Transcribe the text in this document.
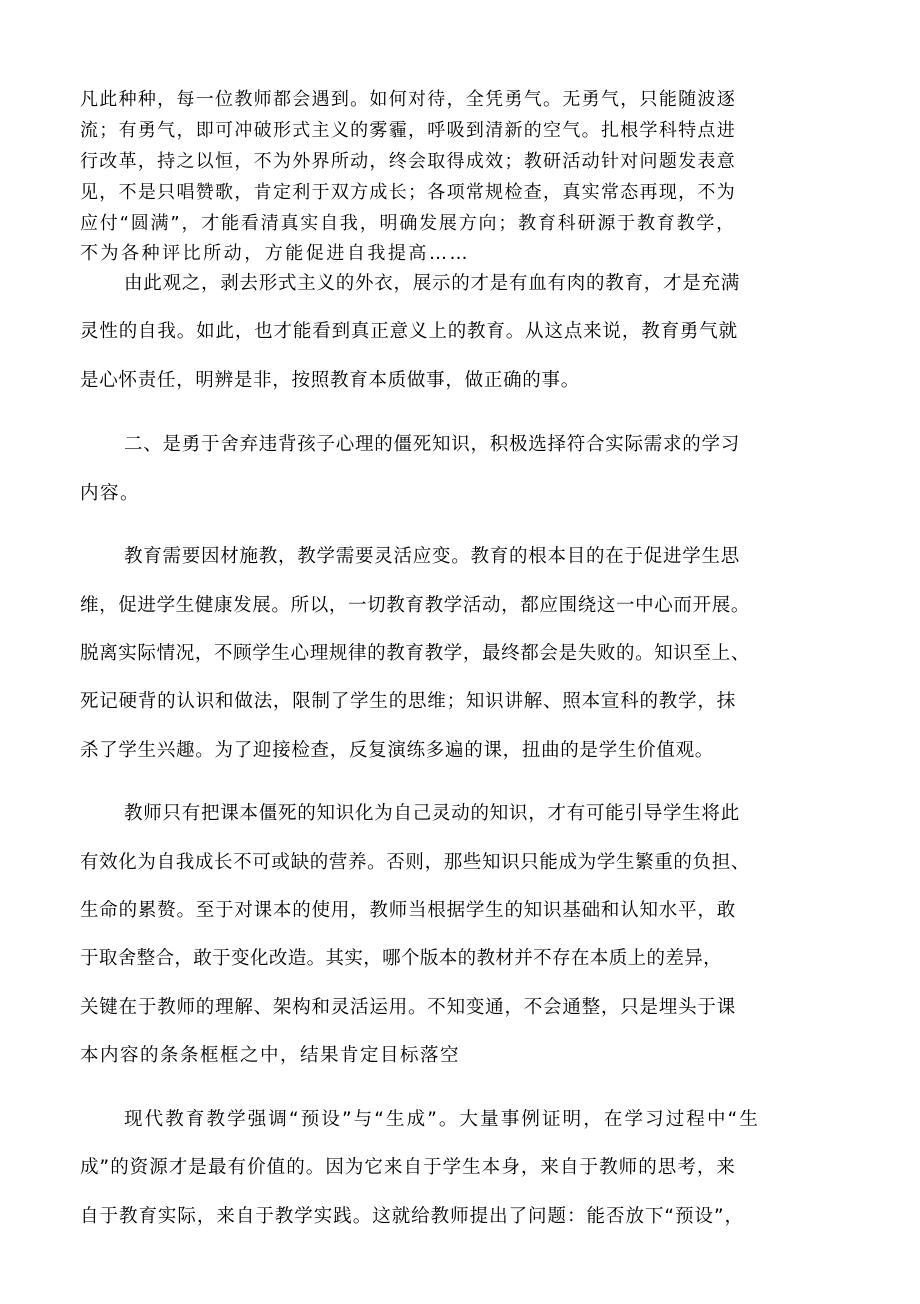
凡此种种，每一位教师都会遇到。如何对待，全凭勇气。无勇气，只能随波逐
流；有勇气，即可冲破形式主义的雾霾，呼吸到清新的空气。扎根学科特点进
行改革，持之以恒，不为外界所动，终会取得成效；教研活动针对问题发表意
见，不是只唱赞歌，肯定利于双方成长；各项常规检查，真实常态再现，不为
应付“圆满”，才能看清真实自我，明确发展方向；教育科研源于教育教学，
不为各种评比所动，方能促进自我提高……
由此观之，剥去形式主义的外衣，展示的才是有血有肉的教育，才是充满
灵性的自我。如此，也才能看到真正意义上的教育。从这点来说，教育勇气就
是心怀责任，明辨是非，按照教育本质做事，做正确的事。
二、是勇于舍弃违背孩子心理的僵死知识，积极选择符合实际需求的学习
内容。
教育需要因材施教，教学需要灵活应变。教育的根本目的在于促进学生思
维，促进学生健康发展。所以，一切教育教学活动，都应围绕这一中心而开展。
脱离实际情况，不顾学生心理规律的教育教学，最终都会是失败的。知识至上、
死记硬背的认识和做法，限制了学生的思维；知识讲解、照本宣科的教学，抹
杀了学生兴趣。为了迎接检查，反复演练多遍的课，扭曲的是学生价值观。
教师只有把课本僵死的知识化为自己灵动的知识，才有可能引导学生将此
有效化为自我成长不可或缺的营养。否则，那些知识只能成为学生繁重的负担、
生命的累赘。至于对课本的使用，教师当根据学生的知识基础和认知水平，敢
于取舍整合，敢于变化改造。其实，哪个版本的教材并不存在本质上的差异，
关键在于教师的理解、架构和灵活运用。不知变通，不会通整，只是埋头于课
本内容的条条框框之中，结果肯定目标落空
现代教育教学强调“预设”与“生成”。大量事例证明，在学习过程中“生
成”的资源才是最有价值的。因为它来自于学生本身，来自于教师的思考，来
自于教育实际，来自于教学实践。这就给教师提出了问题：能否放下“预设”，
